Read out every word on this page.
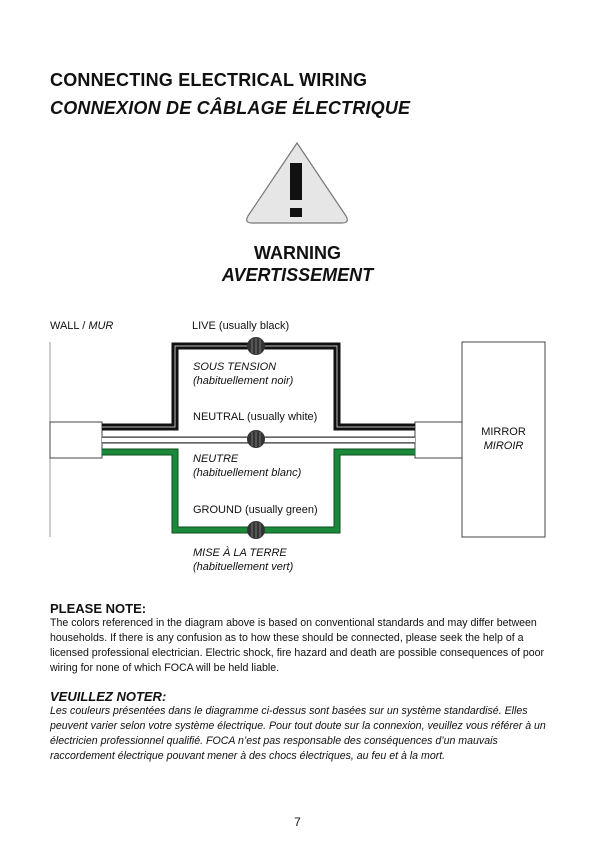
CONNECTING ELECTRICAL WIRING
CONNEXION DE CÂBLAGE ÉLECTRIQUE
WARNING
AVERTISSEMENT
WALL / MUR	LIVE (usually black)
SOUS TENSION
(habituellement noir)
NEUTRAL (usually white)
NEUTRE
(habituellement blanc)
GROUND (usually green)
MISE À LA TERRE
(habituellement vert)
MIRROR
MIROIR
PLEASE NOTE:
The colors referenced in the diagram above is based on conventional standards and may differ between households. If there is any confusion as to how these should be connected, please seek the help of a licensed professional electrician. Electric shock, fire hazard and death are possible consequences of poor wiring for none of which FOCA will be held liable.
VEUILLEZ NOTER:
Les couleurs présentées dans le diagramme ci-dessus sont basées sur un système standardisé. Elles peuvent varier selon votre système électrique. Pour tout doute sur la connexion, veuillez vous référer à un électricien professionnel qualifié. FOCA n’est pas responsable des conséquences d’un mauvais raccordement électrique pouvant mener à des chocs électriques, au feu et à la mort.
7
